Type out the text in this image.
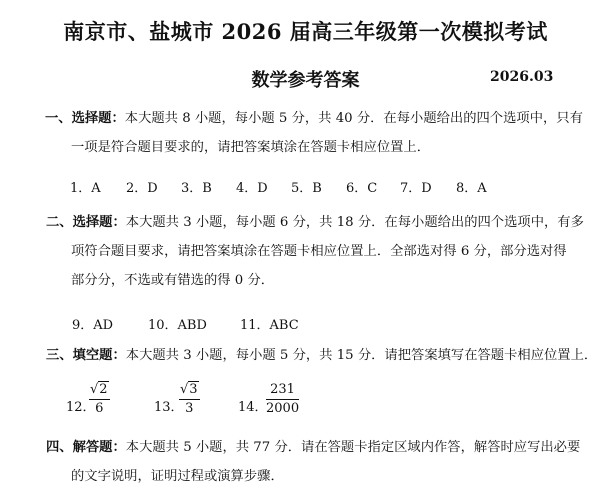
南京市、盐城市 2026 届高三年级第一次模拟考试
数学参考答案	2026.03
一、选择题：本大题共 8 小题，每小题 5 分，共 40 分．在每小题给出的四个选项中，只有
一项是符合题目要求的，请把答案填涂在答题卡相应位置上．
1．A 2．D 3．B 4．D 5．B 6．C 7．D 8．A
二、选择题：本大题共 3 小题，每小题 6 分，共 18 分．在每小题给出的四个选项中，有多
项符合题目要求，请把答案填涂在答题卡相应位置上．全部选对得 6 分，部分选对得
部分分，不选或有错选的得 0 分．
9．AD	10．ABD	11．ABC
三、填空题：本大题共 3 小题，每小题 5 分，共 15 分．请把答案填写在答题卡相应位置上．
12．
$\frac{√2}{6}$	13．
$\frac{√3}{3}$	14．
$\frac{231}{2000}$
四、解答题：本大题共 5 小题，共 77 分．请在答题卡指定区域内作答，解答时应写出必要
的文字说明，证明过程或演算步骤．
